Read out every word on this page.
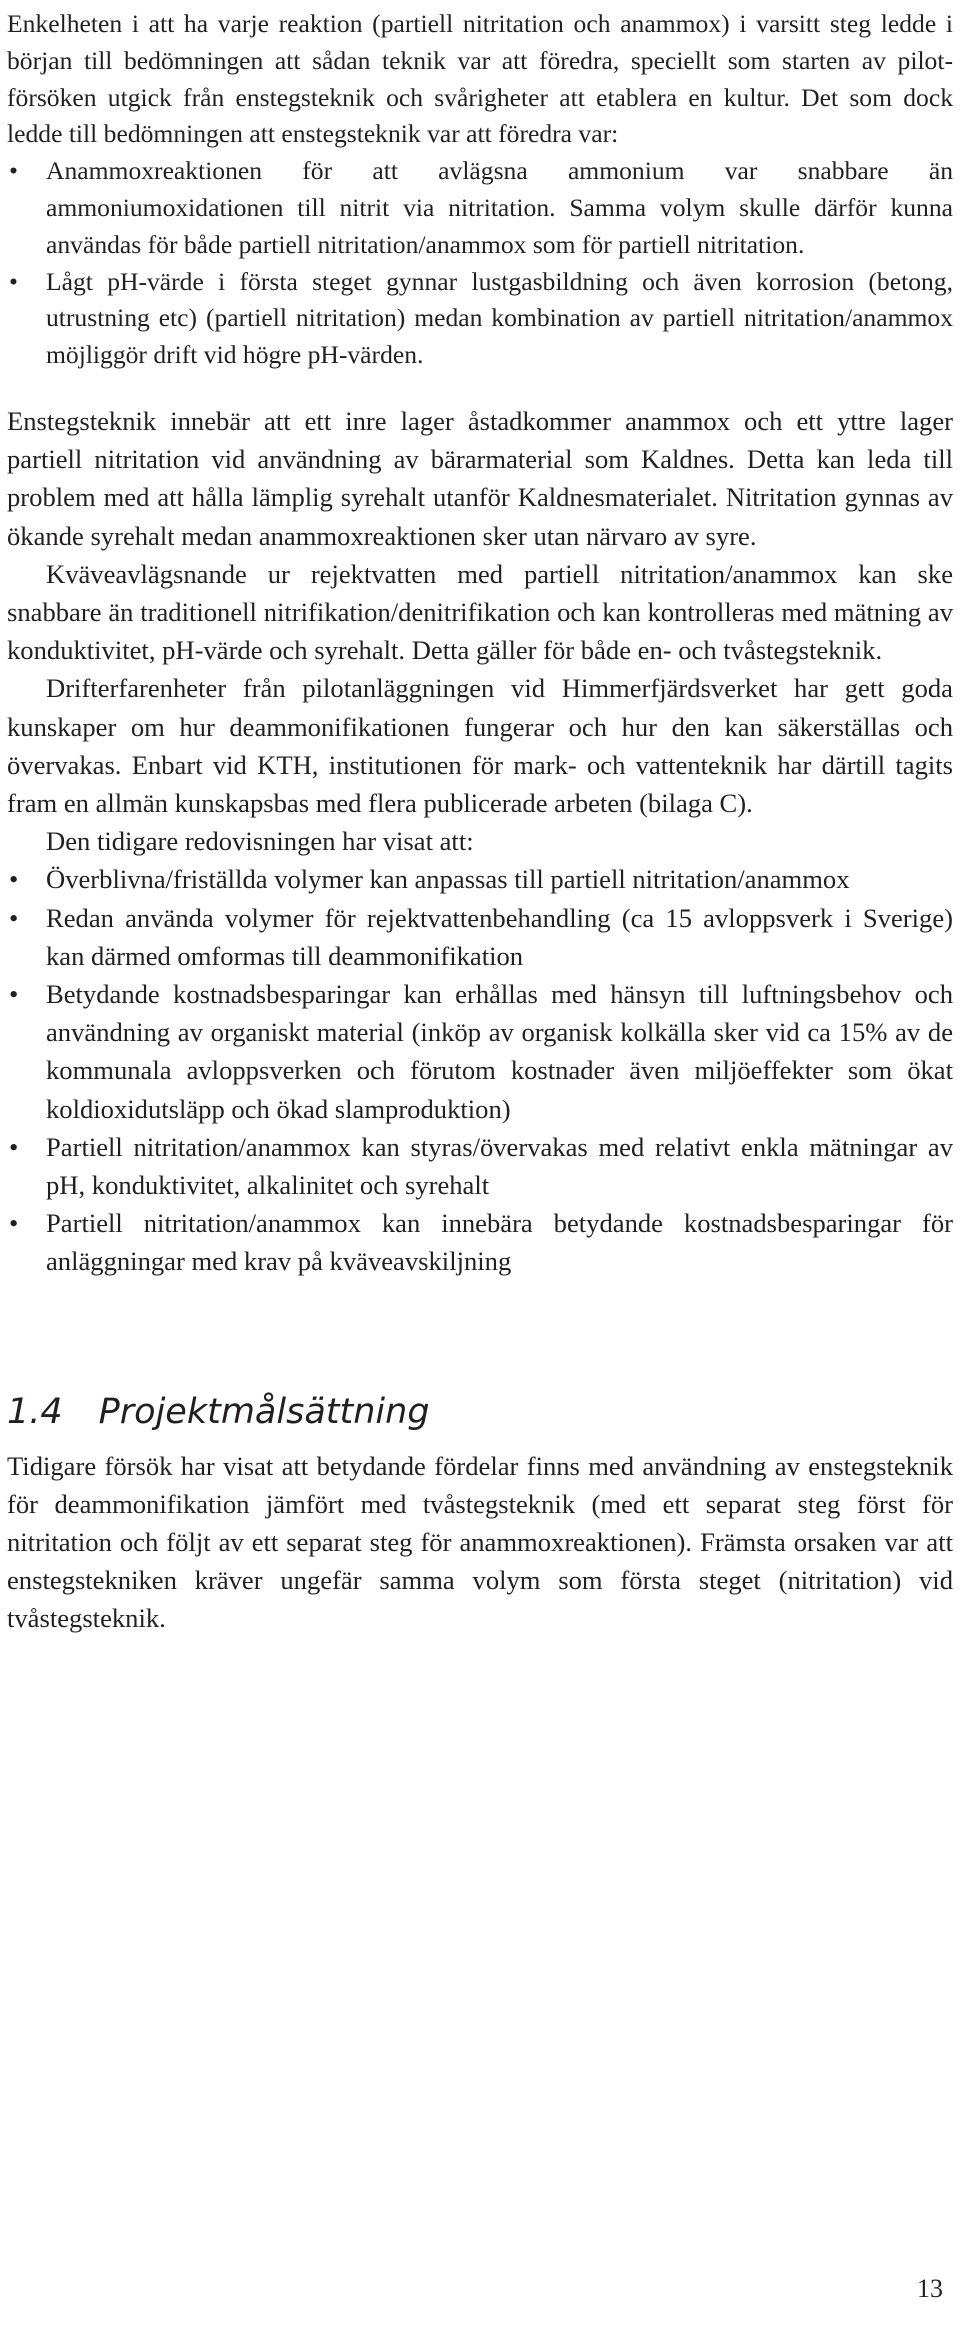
Enkelheten i att ha varje reaktion (partiell nitritation och anammox) i varsitt steg ledde i början till bedömningen att sådan teknik var att föredra, speciellt som starten av pilot-försöken utgick från enstegsteknik och svårigheter att etablera en kultur. Det som dock ledde till bedömningen att enstegsteknik var att föredra var:

• Anammoxreaktionen för att avlägsna ammonium var snabbare än ammoniumoxidationen till nitrit via nitritation. Samma volym skulle därför kunna användas för både partiell nitritation/anammox som för partiell nitritation.
• Lågt pH-värde i första steget gynnar lustgasbildning och även korrosion (betong, utrustning etc) (partiell nitritation) medan kombination av partiell nitritation/anammox möjliggör drift vid högre pH-värden.

Enstegsteknik innebär att ett inre lager åstadkommer anammox och ett yttre lager partiell nitritation vid användning av bärarmaterial som Kaldnes. Detta kan leda till problem med att hålla lämplig syrehalt utanför Kaldnesmaterialet. Nitritation gynnas av ökande syrehalt medan anammoxreaktionen sker utan närvaro av syre.

Kväveavlägsnande ur rejektvatten med partiell nitritation/anammox kan ske snabbare än traditionell nitrifikation/denitrifikation och kan kontrolleras med mätning av konduktivitet, pH-värde och syrehalt. Detta gäller för både en- och tvåstegsteknik.

Drifterfarenheter från pilotanläggningen vid Himmerfjärdsverket har gett goda kunskaper om hur deammonifikationen fungerar och hur den kan säkerställas och övervakas. Enbart vid KTH, institutionen för mark- och vattenteknik har därtill tagits fram en allmän kunskapsbas med flera publicerade arbeten (bilaga C).

Den tidigare redovisningen har visat att:

• Överblivna/friställda volymer kan anpassas till partiell nitritation/anammox
• Redan använda volymer för rejektvattenbehandling (ca 15 avloppsverk i Sverige) kan därmed omformas till deammonifikation
• Betydande kostnadsbesparingar kan erhållas med hänsyn till luftningsbehov och användning av organiskt material (inköp av organisk kolkälla sker vid ca 15% av de kommunala avloppsverken och förutom kostnader även miljöeffekter som ökat koldioxidutsläpp och ökad slamproduktion)
• Partiell nitritation/anammox kan styras/övervakas med relativt enkla mätningar av pH, konduktivitet, alkalinitet och syrehalt
• Partiell nitritation/anammox kan innebära betydande kostnadsbesparingar för anläggningar med krav på kväveavskiljning
1.4 Projektmålsättning

Tidigare försök har visat att betydande fördelar finns med användning av enstegsteknik för deammonifikation jämfört med tvåstegsteknik (med ett separat steg först för nitritation och följt av ett separat steg för anammoxreaktionen). Främsta orsaken var att enstegstekniken kräver ungefär samma volym som första steget (nitritation) vid tvåstegsteknik.

13
